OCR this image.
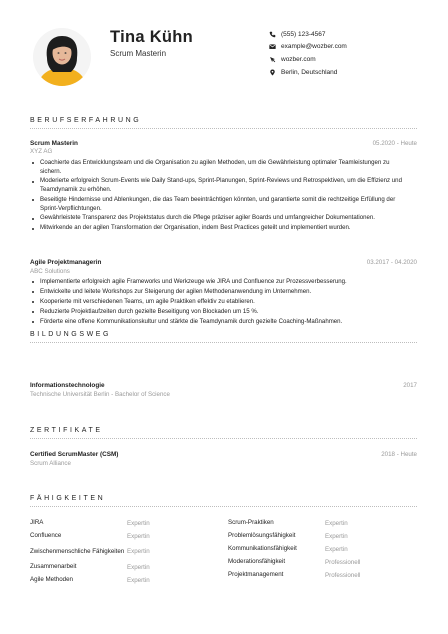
Tina Kühn
Scrum Masterin
(555) 123-4567
example@wozber.com
wozber.com
Berlin, Deutschland
BERUFSERFAHRUNG
Scrum Masterin	05.2020 - Heute
XYZ AG
Coachierte das Entwicklungsteam und die Organisation zu agilen Methoden, um die Gewährleistung optimaler Teamleistungen zu sichern.
Moderierte erfolgreich Scrum-Events wie Daily Stand-ups, Sprint-Planungen, Sprint-Reviews und Retrospektiven, um die Effizienz und Teamdynamik zu erhöhen.
Beseitigte Hindernisse und Ablenkungen, die das Team beeinträchtigen könnten, und garantierte somit die rechtzeitige Erfüllung der Sprint-Verpflichtungen.
Gewährleistete Transparenz des Projektstatus durch die Pflege präziser agiler Boards und umfangreicher Dokumentationen.
Mitwirkende an der agilen Transformation der Organisation, indem Best Practices geteilt und implementiert wurden.
Agile Projektmanagerin	03.2017 - 04.2020
ABC Solutions
Implementierte erfolgreich agile Frameworks und Werkzeuge wie JIRA und Confluence zur Prozessverbesserung.
Entwickelte und leitete Workshops zur Steigerung der agilen Methodenanwendung im Unternehmen.
Kooperierte mit verschiedenen Teams, um agile Praktiken effektiv zu etablieren.
Reduzierte Projektlaufzeiten durch gezielte Beseitigung von Blockaden um 15 %.
Förderte eine offene Kommunikationskultur und stärkte die Teamdynamik durch gezielte Coaching-Maßnahmen.
BILDUNGSWEG
Informationstechnologie	2017
Technische Universität Berlin - Bachelor of Science
ZERTIFIKATE
Certified ScrumMaster (CSM)	2018 - Heute
Scrum Alliance
FÄHIGKEITEN
JIRA	Expertin
Confluence	Expertin
Zwischenmenschliche Fähigkeiten Expertin
Zusammenarbeit	Expertin
Agile Methoden	Expertin
Scrum-Praktiken	Expertin
Problemlösungsfähigkeit	Expertin
Kommunikationsfähigkeit	Expertin
Moderationsfähigkeit	Professionell
Projektmanagement	Professionell
